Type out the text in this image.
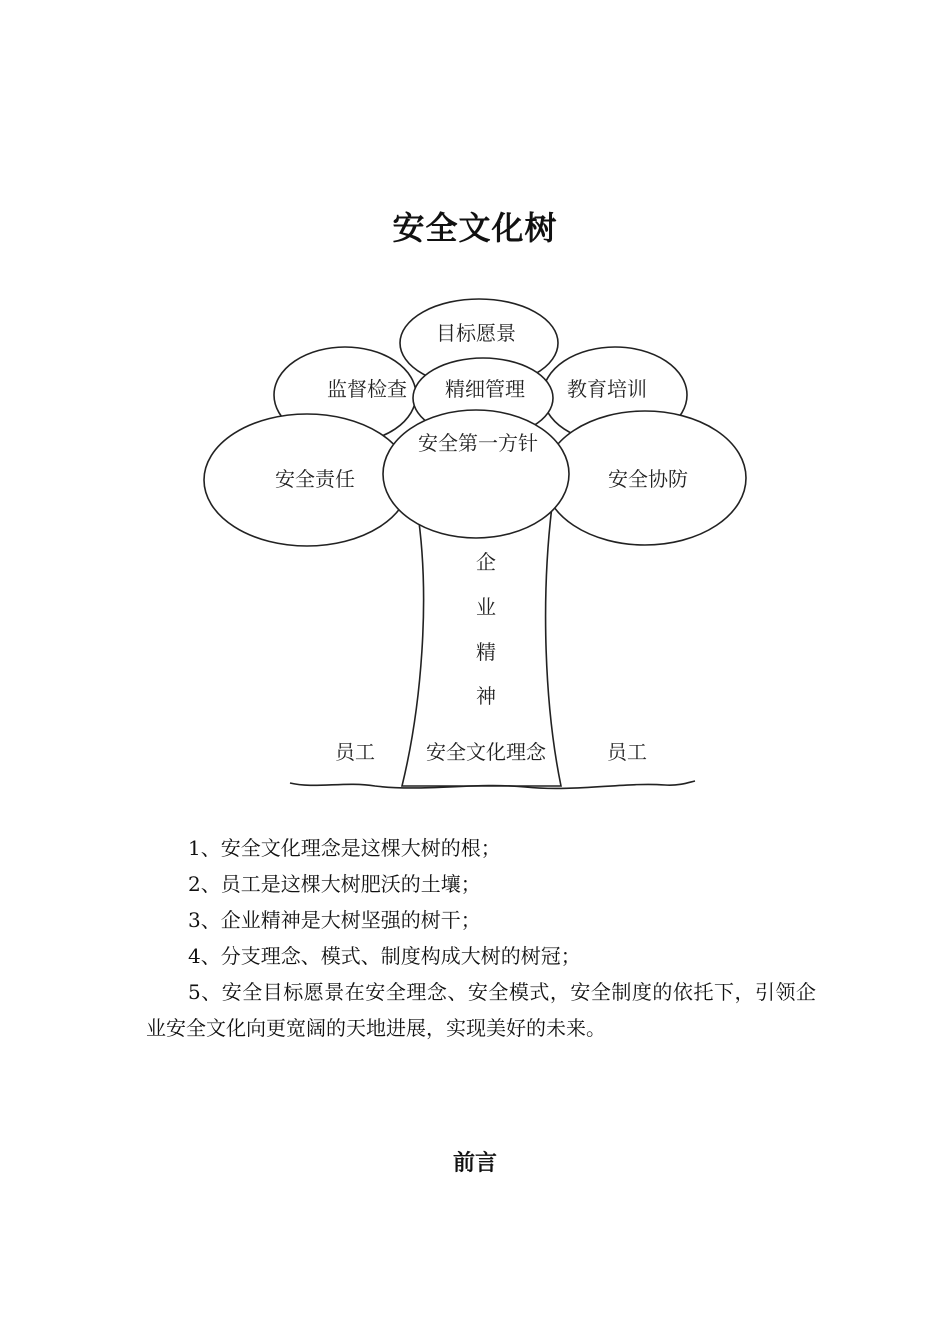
安全文化树
目标愿景
监督检查 精细管理 教育培训
安全责任
安全第一方针
安全协防
企
业
精
神
安全文化理念
员工	员工

1、安全文化理念是这棵大树的根；

2、员工是这棵大树肥沃的土壤；

3、企业精神是大树坚强的树干；

4、分支理念、模式、制度构成大树的树冠；

5、安全目标愿景在安全理念、安全模式，安全制度的依托下，引领企业安全文化向更宽阔的天地进展，实现美好的未来。

前言
